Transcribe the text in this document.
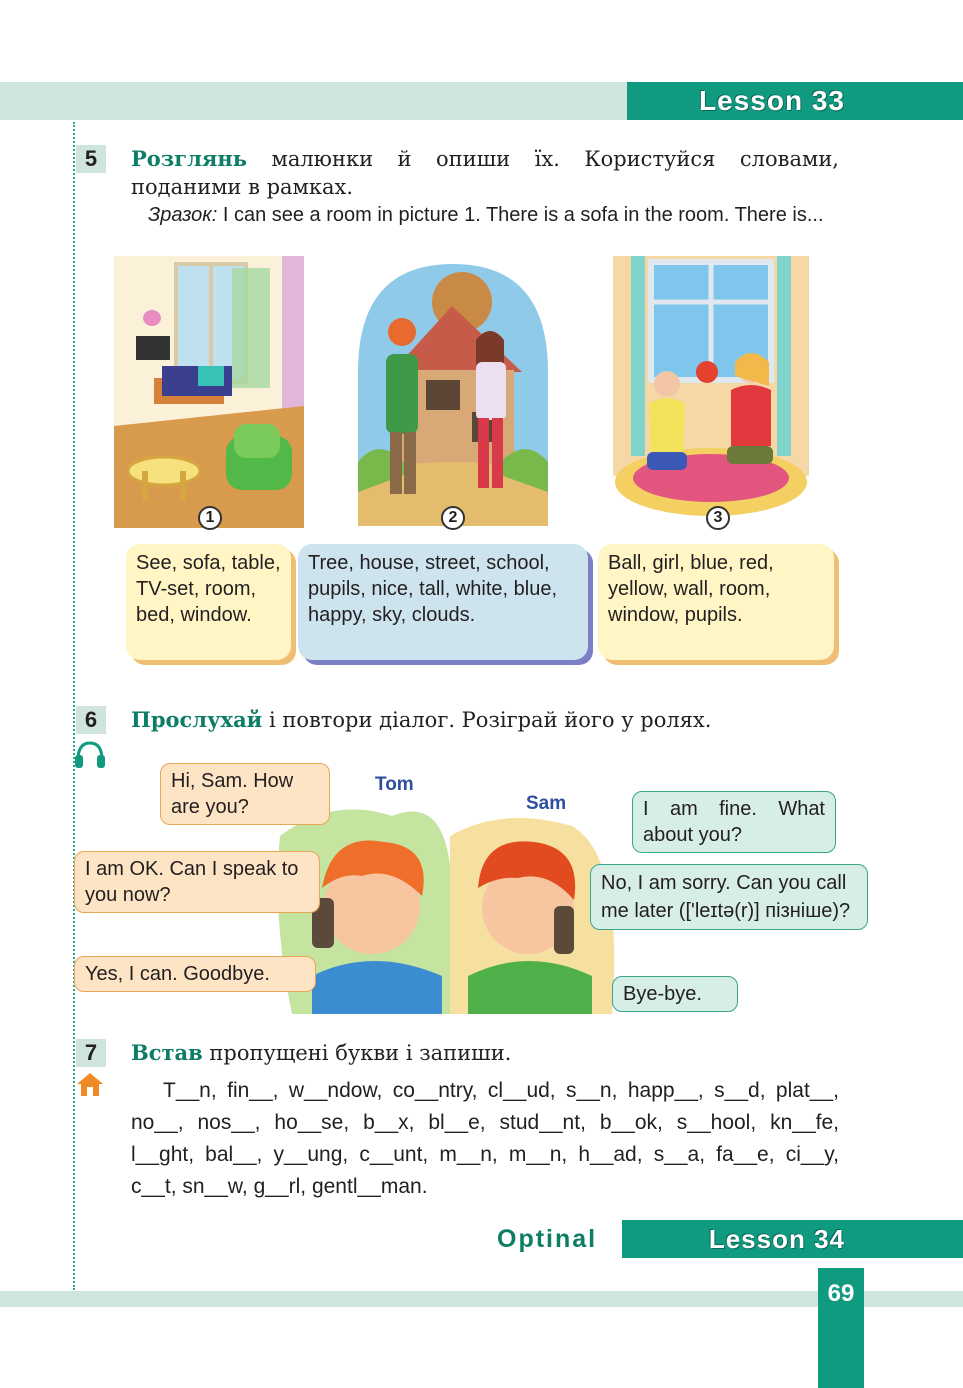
Lesson 33
5	Розглянь малюнки й опиши їх. Користуйся словами, поданими в рамках.
Зразок: I can see a room in picture 1. There is a sofa in the room. There is...
1	2	3
See, sofa, table, TV-set, room, bed, window.
Tree, house, street, school, pupils, nice, tall, white, blue, happy, sky, clouds.
Ball, girl, blue, red, yellow, wall, room, window, pupils.
6	Прослухай і повтори діалог. Розіграй його у ролях.
Tom
Sam
Hi, Sam. How are you?	I am fine. What about you?
I am OK. Can I speak to you now?
No, I am sorry. Can you call me later (['leɪtə(r)] пізніше)?
Yes, I can. Goodbye.
Bye-bye.
7	Встав пропущені букви і запиши.
T__n, fin__, w__ndow, co__ntry, cl__ud, s__n, happ__, s__d, plat__, no__, nos__, ho__se, b__x, bl__e, stud__nt, b__ok, s__hool, kn__fe, l__ght, bal__, y__ung, c__unt, m__n, m__n, h__ad, s__a, fa__e, ci__y, c__t, sn__w, g__rl, gentl__man.
Optinal	Lesson 34
69
